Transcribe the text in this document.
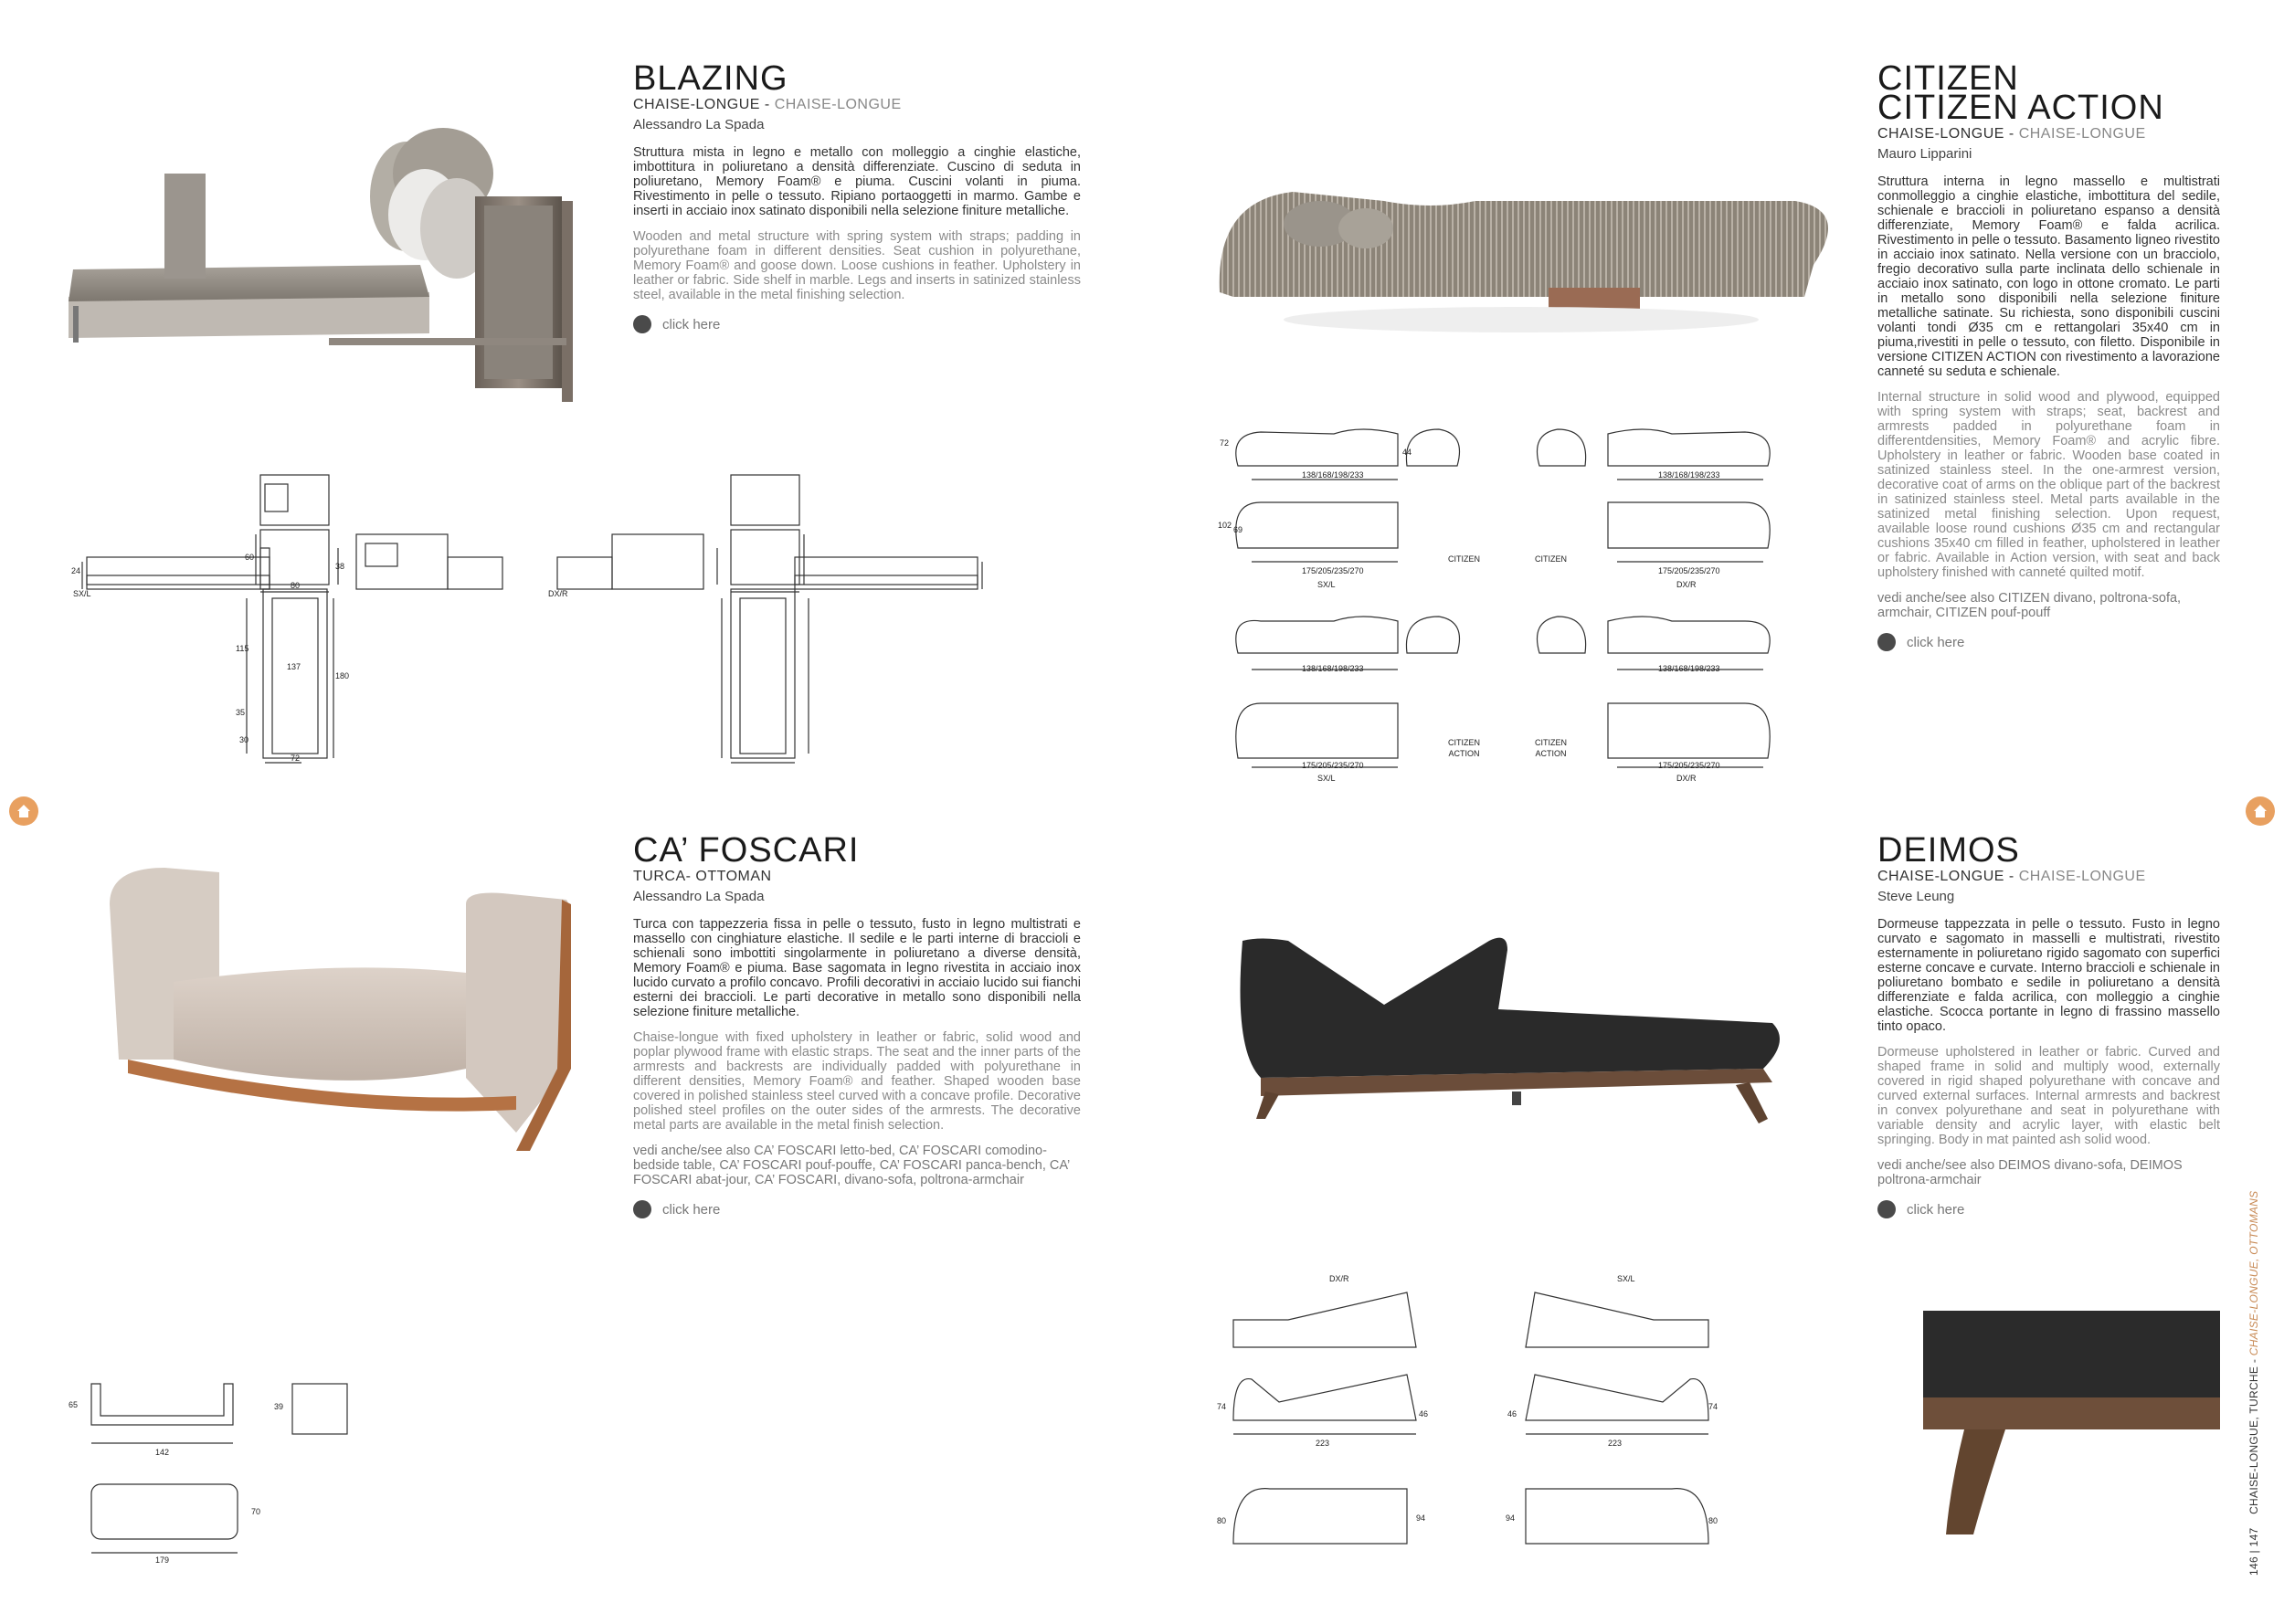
BLAZING
CHAISE-LONGUE - CHAISE-LONGUE
Alessandro La Spada
Struttura mista in legno e metallo con molleggio a cinghie elastiche, imbottitura in poliuretano a densità differenziate. Cuscino di seduta in poliuretano, Memory Foam® e piuma. Cuscini volanti in piuma. Rivestimento in pelle o tessuto. Ripiano portaoggetti in marmo. Gambe e inserti in acciaio inox satinato disponibili nella selezione finiture metalliche.
Wooden and metal structure with spring system with straps; padding in polyurethane foam in different densities. Seat cushion in polyurethane, Memory Foam® and goose down. Loose cushions in feather. Upholstery in leather or fabric. Side shelf in marble. Legs and inserts in satinized stainless steel, available in the metal finishing selection.
click here
SX/L	DX/R
24
60
38
80
115
137
180
35
30
72
CITIZEN
CITIZEN ACTION
CHAISE-LONGUE - CHAISE-LONGUE
Mauro Lipparini
Struttura interna in legno massello e multistrati conmolleggio a cinghie elastiche, imbottitura del sedile, schienale e braccioli in poliuretano espanso a densità differenziate, Memory Foam® e falda acrilica. Rivestimento in pelle o tessuto. Basamento ligneo rivestito in acciaio inox satinato. Nella versione con un bracciolo, fregio decorativo sulla parte inclinata dello schienale in acciaio inox satinato, con logo in ottone cromato. Le parti in metallo sono disponibili nella selezione finiture metalliche satinate. Su richiesta, sono disponibili cuscini volanti tondi Ø35 cm e rettangolari 35x40 cm in piuma,rivestiti in pelle o tessuto, con filetto. Disponibile in versione CITIZEN ACTION con rivestimento a lavorazione canneté su seduta e schienale.
Internal structure in solid wood and plywood, equipped with spring system with straps; seat, backrest and armrests padded in polyurethane foam in differentdensities, Memory Foam® and acrylic fibre. Upholstery in leather or fabric. Wooden base coated in satinized stainless steel. In the one-armrest version, decorative coat of arms on the oblique part of the backrest in satinized stainless steel. Metal parts available in the satinized metal finishing selection. Upon request, available loose round cushions Ø35 cm and rectangular cushions 35x40 cm filled in feather, upholstered in leather or fabric. Available in Action version, with seat and back upholstery finished with canneté quilted motif.
vedi anche/see also CITIZEN divano, poltrona-sofa, armchair, CITIZEN pouf-pouff
click here
138/168/198/233	138/168/198/233
175/205/235/270	175/205/235/270
SX/L	DX/R
CITIZEN	CITIZEN
138/168/198/233	138/168/198/233
175/205/235/270	175/205/235/270
SX/L	DX/R
CITIZEN
ACTION
CITIZEN
ACTION
72
102
44
69
CA’ FOSCARI
TURCA- OTTOMAN
Alessandro La Spada
Turca con tappezzeria fissa in pelle o tessuto, fusto in legno multistrati e massello con cinghiature elastiche. Il sedile e le parti interne di braccioli e schienali sono imbottiti singolarmente in poliuretano a diverse densità, Memory Foam® e piuma. Base sagomata in legno rivestita in acciaio inox lucido curvato a profilo concavo. Profili decorativi in acciaio lucido sui fianchi esterni dei braccioli. Le parti decorative in metallo sono disponibili nella selezione finiture metalliche.
Chaise-longue with fixed upholstery in leather or fabric, solid wood and poplar plywood frame with elastic straps. The seat and the inner parts of the armrests and backrests are individually padded with polyurethane in different densities, Memory Foam® and feather. Shaped wooden base covered in polished stainless steel curved with a concave profile. Decorative polished steel profiles on the outer sides of the armrests. The decorative metal parts are available in the metal finish selection.
vedi anche/see also CA’ FOSCARI letto-bed, CA’ FOSCARI comodino-bedside table, CA’ FOSCARI pouf-pouffe, CA’ FOSCARI panca-bench, CA’ FOSCARI abat-jour, CA’ FOSCARI, divano-sofa, poltrona-armchair
click here
65
142
39
70
179
DEIMOS
CHAISE-LONGUE - CHAISE-LONGUE
Steve Leung
Dormeuse tappezzata in pelle o tessuto. Fusto in legno curvato e sagomato in masselli e multistrati, rivestito esternamente in poliuretano rigido sagomato con superfici esterne concave e curvate. Interno braccioli e schienale in poliuretano bombato e sedile in poliuretano a densità differenziate e falda acrilica, con molleggio a cinghie elastiche. Scocca portante in legno di frassino massello tinto opaco.
Dormeuse upholstered in leather or fabric. Curved and shaped frame in solid and multiply wood, externally covered in rigid shaped polyurethane with concave and curved external surfaces. Internal armrests and backrest in convex polyurethane and seat in polyurethane with variable density and acrylic layer, with elastic belt springing. Body in mat painted ash solid wood.
vedi anche/see also DEIMOS divano-sofa, DEIMOS poltrona-armchair
click here
DX/R	SX/L
74	74
46	46
223	223
80	80
94	94
146 | 147    CHAISE-LONGUE, TURCHE - CHAISE-LONGUE, OTTOMANS
